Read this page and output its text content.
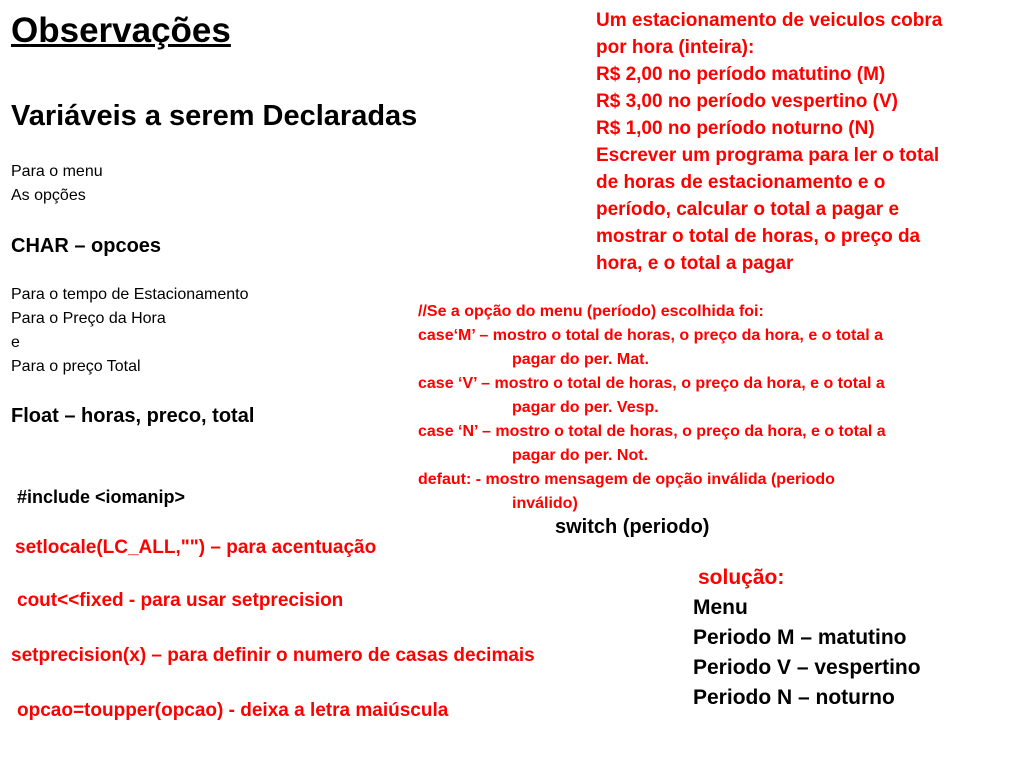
Observações
Variáveis a serem Declaradas
Para o menu
As opções
CHAR – opcoes
Para o tempo de Estacionamento
Para o Preço da Hora
e
Para o preço Total
Float – horas, preco, total
Um estacionamento de veiculos cobra
por hora (inteira):
R$ 2,00 no período matutino (M)
R$ 3,00 no período vespertino (V)
R$ 1,00 no período noturno (N)
Escrever um programa para ler o total
de horas de estacionamento e o
período, calcular o total a pagar e
mostrar o total de horas, o preço da
hora, e o total a pagar
//Se a opção do menu (período) escolhida foi:
case‘M’ – mostro o total de horas, o preço da hora, e o total a
pagar do per. Mat.
case ‘V’ – mostro o total de horas, o preço da hora, e o total a
pagar do per. Vesp.
case ‘N’ – mostro o total de horas, o preço da hora, e o total a
pagar do per. Not.
defaut: - mostro mensagem de opção inválida (periodo
inválido)
switch (periodo)
#include <iomanip>
setlocale(LC_ALL,"") – para acentuação
cout<<fixed - para usar setprecision
setprecision(x) – para definir o numero de casas decimais
opcao=toupper(opcao) - deixa a letra maiúscula
solução:
Menu
Periodo M – matutino
Periodo V – vespertino
Periodo N – noturno
